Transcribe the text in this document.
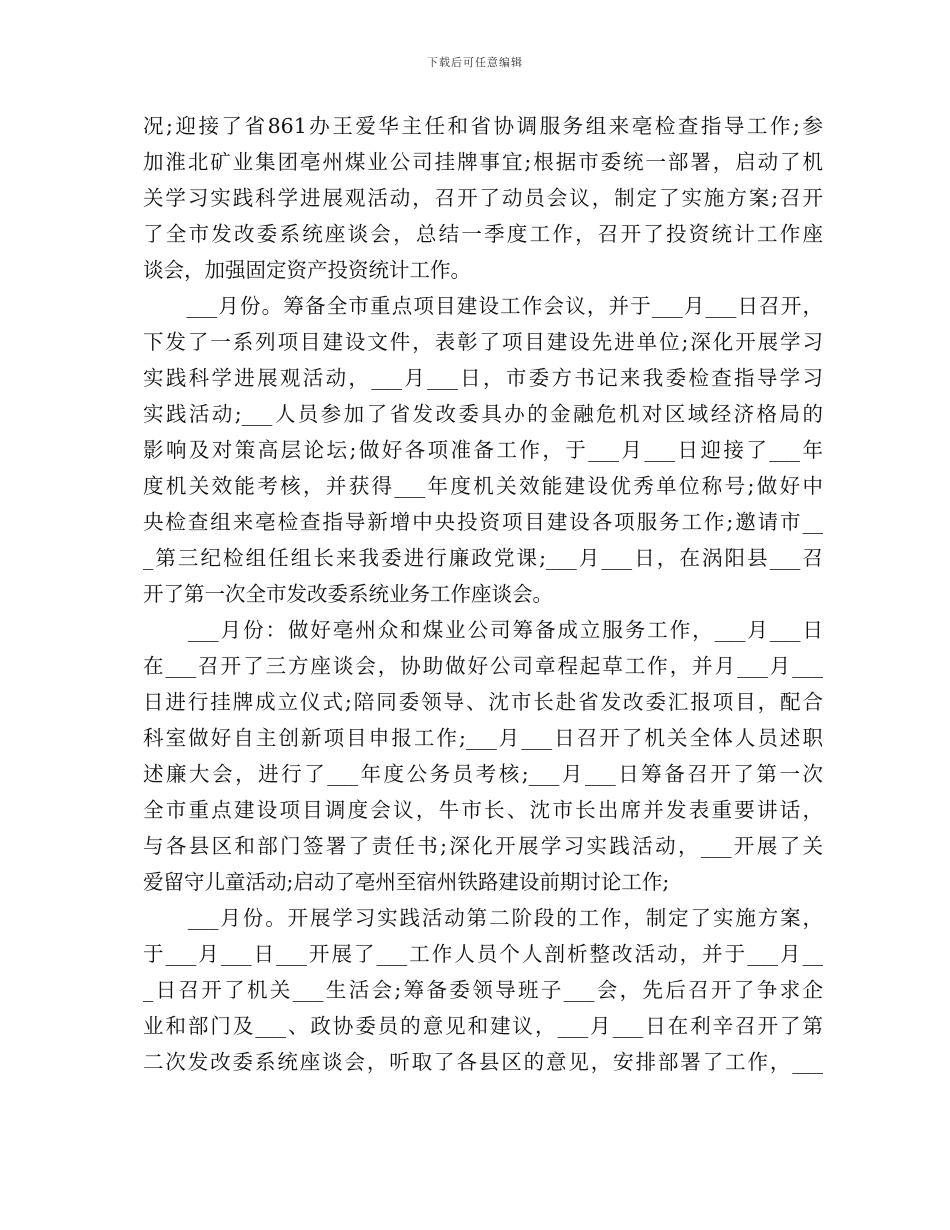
下载后可任意编辑
况;迎接了省861办王爱华主任和省协调服务组来亳检查指导工作;参
加淮北矿业集团亳州煤业公司挂牌事宜;根据市委统一部署，启动了机
关学习实践科学进展观活动，召开了动员会议，制定了实施方案;召开
了全市发改委系统座谈会，总结一季度工作，召开了投资统计工作座
谈会，加强固定资产投资统计工作。
　　___月份。筹备全市重点项目建设工作会议，并于___月___日召开，
下发了一系列项目建设文件，表彰了项目建设先进单位;深化开展学习
实践科学进展观活动，___月___日，市委方书记来我委检查指导学习
实践活动;___人员参加了省发改委具办的金融危机对区域经济格局的
影响及对策高层论坛;做好各项准备工作，于___月___日迎接了___年
度机关效能考核，并获得___年度机关效能建设优秀单位称号;做好中
央检查组来亳检查指导新增中央投资项目建设各项服务工作;邀请市__
_第三纪检组任组长来我委进行廉政党课;___月___日，在涡阳县___召
开了第一次全市发改委系统业务工作座谈会。
　　___月份：做好亳州众和煤业公司筹备成立服务工作，___月___日
在___召开了三方座谈会，协助做好公司章程起草工作，并月___月___
日进行挂牌成立仪式;陪同委领导、沈市长赴省发改委汇报项目，配合
科室做好自主创新项目申报工作;___月___日召开了机关全体人员述职
述廉大会，进行了___年度公务员考核;___月___日筹备召开了第一次
全市重点建设项目调度会议，牛市长、沈市长出席并发表重要讲话，
与各县区和部门签署了责任书;深化开展学习实践活动，___开展了关
爱留守儿童活动;启动了亳州至宿州铁路建设前期讨论工作;
　　___月份。开展学习实践活动第二阶段的工作，制定了实施方案，
于___月___日___开展了___工作人员个人剖析整改活动，并于___月__
_日召开了机关___生活会;筹备委领导班子___会，先后召开了争求企
业和部门及___、政协委员的意见和建议，___月___日在利辛召开了第
二次发改委系统座谈会，听取了各县区的意见，安排部署了工作，___
